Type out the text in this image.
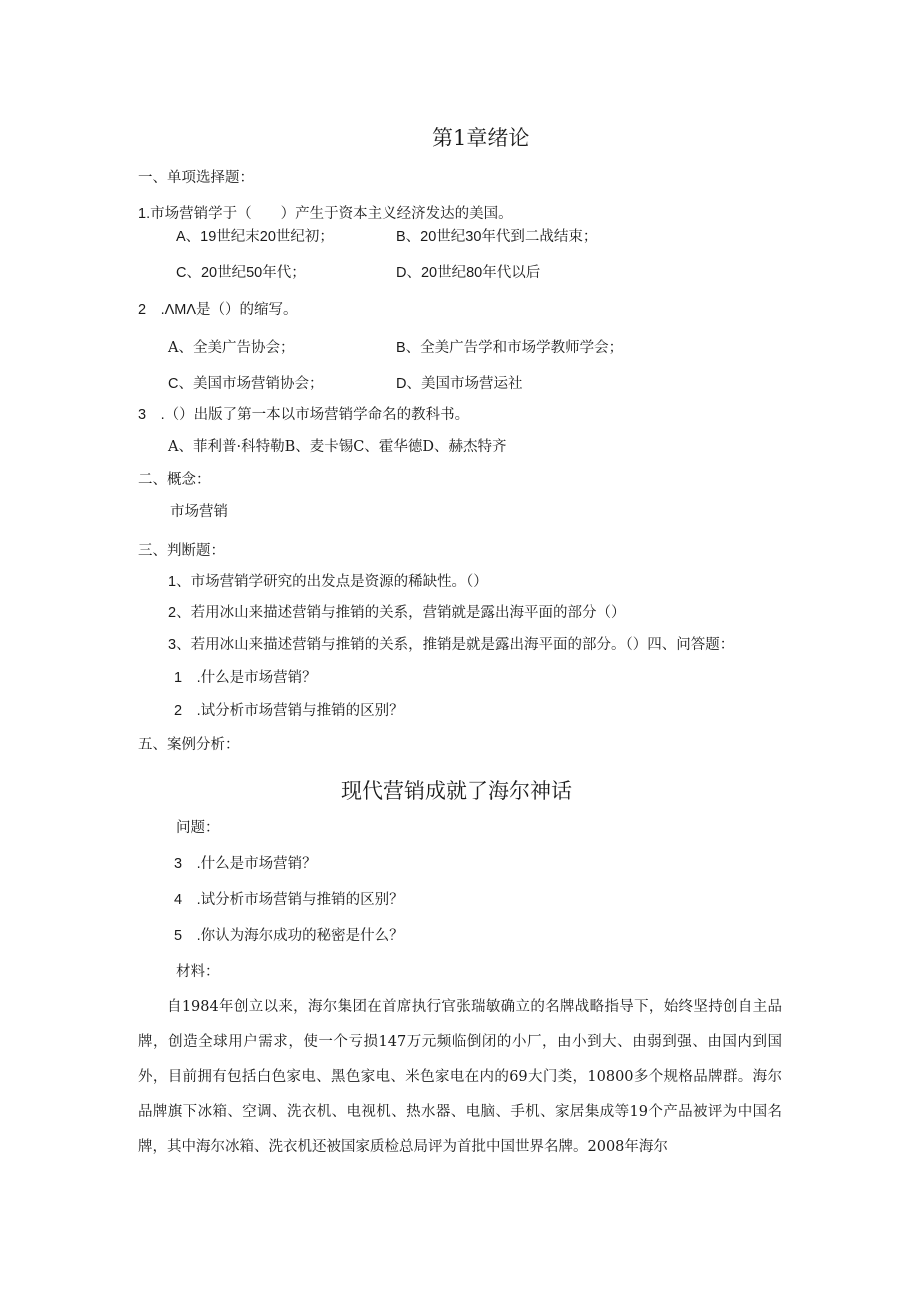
第1章绪论
一、单项选择题：
1.市场营销学于（　　）产生于资本主义经济发达的美国。
A、19世纪末20世纪初；	B、20世纪30年代到二战结束；
C、20世纪50年代；	D、20世纪80年代以后
2　.ΛMΛ是（）的缩写。
A、全美广告协会；	B、全美广告学和市场学教师学会；
C、美国市场营销协会；	D、美国市场营运社
3　.（）出版了第一本以市场营销学命名的教科书。
A、菲利普·科特勒B、麦卡锡C、霍华德D、赫杰特齐
二、概念：
市场营销
三、判断题：
1、市场营销学研究的出发点是资源的稀缺性。（）
2、若用冰山来描述营销与推销的关系，营销就是露出海平面的部分（）
3、若用冰山来描述营销与推销的关系，推销是就是露出海平面的部分。（）四、问答题：
1　.什么是市场营销？
2　.试分析市场营销与推销的区别？
五、案例分析：
现代营销成就了海尔神话
问题：
3　.什么是市场营销？
4　.试分析市场营销与推销的区别？
5　.你认为海尔成功的秘密是什么？
材料：

自1984年创立以来，海尔集团在首席执行官张瑞敏确立的名牌战略指导下，始终坚持创自主品牌，创造全球用户需求，使一个亏损147万元频临倒闭的小厂，由小到大、由弱到强、由国内到国外，目前拥有包括白色家电、黑色家电、米色家电在内的69大门类，10800多个规格品牌群。海尔品牌旗下冰箱、空调、洗衣机、电视机、热水器、电脑、手机、家居集成等19个产品被评为中国名牌，其中海尔冰箱、洗衣机还被国家质检总局评为首批中国世界名牌。2008年海尔
